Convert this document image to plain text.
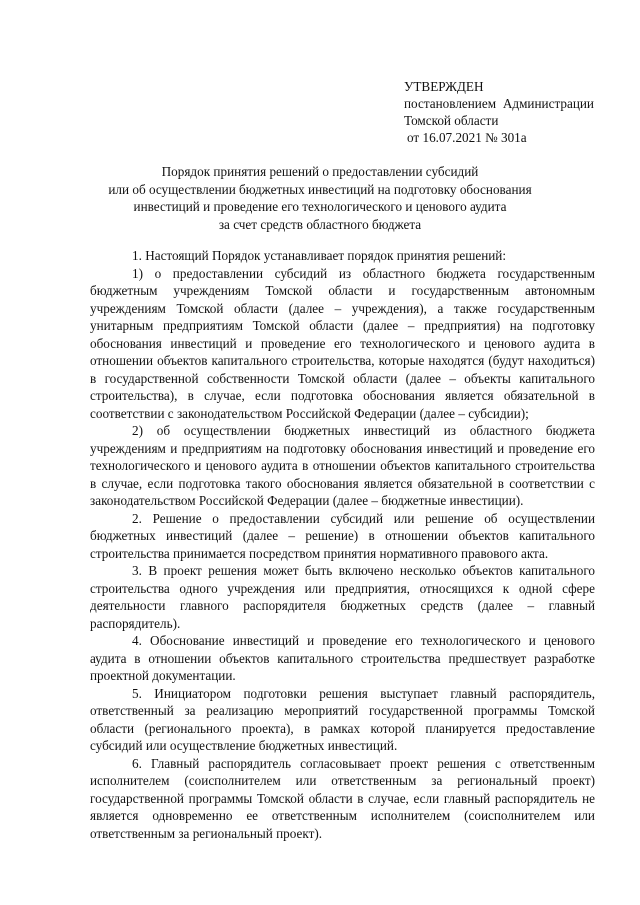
УТВЕРЖДЕН
постановлением Администрации
Томской области
от 16.07.2021 № 301а
Порядок принятия решений о предоставлении субсидий
или об осуществлении бюджетных инвестиций на подготовку обоснования
инвестиций и проведение его технологического и ценового аудита
за счет средств областного бюджета

1. Настоящий Порядок устанавливает порядок принятия решений:

1) о предоставлении субсидий из областного бюджета государственным бюджетным учреждениям Томской области и государственным автономным учреждениям Томской области (далее – учреждения), а также государственным унитарным предприятиям Томской области (далее – предприятия) на подготовку обоснования инвестиций и проведение его технологического и ценового аудита в отношении объектов капитального строительства, которые находятся (будут находиться) в государственной собственности Томской области (далее – объекты капитального строительства), в случае, если подготовка обоснования является обязательной в соответствии с законодательством Российской Федерации (далее – субсидии);

2) об осуществлении бюджетных инвестиций из областного бюджета учреждениям и предприятиям на подготовку обоснования инвестиций и проведение его технологического и ценового аудита в отношении объектов капитального строительства в случае, если подготовка такого обоснования является обязательной в соответствии с законодательством Российской Федерации (далее – бюджетные инвестиции).

2. Решение о предоставлении субсидий или решение об осуществлении бюджетных инвестиций (далее – решение) в отношении объектов капитального строительства принимается посредством принятия нормативного правового акта.

3. В проект решения может быть включено несколько объектов капитального строительства одного учреждения или предприятия, относящихся к одной сфере деятельности главного распорядителя бюджетных средств (далее – главный распорядитель).

4. Обоснование инвестиций и проведение его технологического и ценового аудита в отношении объектов капитального строительства предшествует разработке проектной документации.

5. Инициатором подготовки решения выступает главный распорядитель, ответственный за реализацию мероприятий государственной программы Томской области (регионального проекта), в рамках которой планируется предоставление субсидий или осуществление бюджетных инвестиций.

6. Главный распорядитель согласовывает проект решения с ответственным исполнителем (соисполнителем или ответственным за региональный проект) государственной программы Томской области в случае, если главный распорядитель не является одновременно ее ответственным исполнителем (соисполнителем или ответственным за региональный проект).
